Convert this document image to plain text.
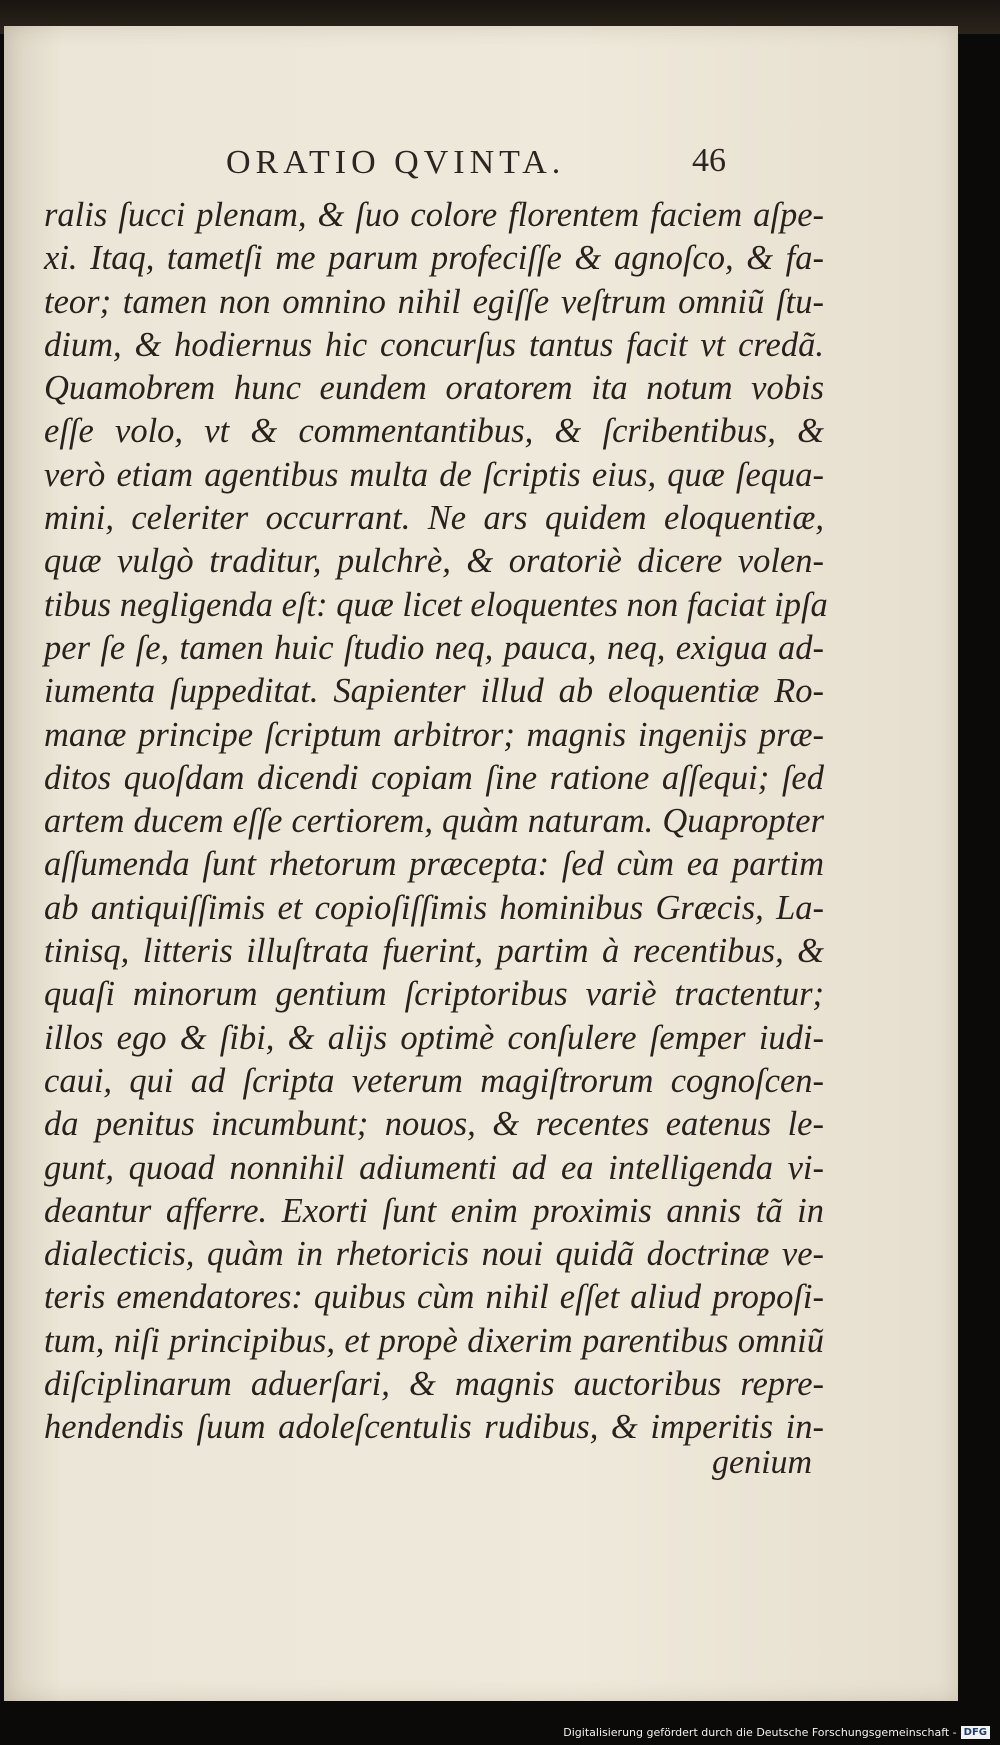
ORATIO QVINTA.	46
ralis ſucci plenam, & ſuo colore florentem faciem aſpe-
xi. Itaq, tametſi me parum profeciſſe & agnoſco, & fa-
teor; tamen non omnino nihil egiſſe veſtrum omniũ ſtu-
dium, & hodiernus hic concurſus tantus facit vt credã.
Quamobrem hunc eundem oratorem ita notum vobis
eſſe volo, vt & commentantibus, & ſcribentibus, &
verò etiam agentibus multa de ſcriptis eius, quæ ſequa-
mini, celeriter occurrant. Ne ars quidem eloquentiæ,
quæ vulgò traditur, pulchrè, & oratoriè dicere volen-
tibus negligenda eſt: quæ licet eloquentes non faciat ipſa
per ſe ſe, tamen huic ſtudio neq, pauca, neq, exigua ad-
iumenta ſuppeditat. Sapienter illud ab eloquentiæ Ro-
manæ principe ſcriptum arbitror; magnis ingenijs præ-
ditos quoſdam dicendi copiam ſine ratione aſſequi; ſed
artem ducem eſſe certiorem, quàm naturam. Quapropter
aſſumenda ſunt rhetorum præcepta: ſed cùm ea partim
ab antiquiſſimis et copioſiſſimis hominibus Græcis, La-
tinisq, litteris illuſtrata fuerint, partim à recentibus, &
quaſi minorum gentium ſcriptoribus variè tractentur;
illos ego & ſibi, & alijs optimè conſulere ſemper iudi-
caui, qui ad ſcripta veterum magiſtrorum cognoſcen-
da penitus incumbunt; nouos, & recentes eatenus le-
gunt, quoad nonnihil adiumenti ad ea intelligenda vi-
deantur afferre. Exorti ſunt enim proximis annis tã in
dialecticis, quàm in rhetoricis noui quidã doctrinæ ve-
teris emendatores: quibus cùm nihil eſſet aliud propoſi-
tum, niſi principibus, et propè dixerim parentibus omniũ
diſciplinarum aduerſari, & magnis auctoribus repre-
hendendis ſuum adoleſcentulis rudibus, & imperitis in-
genium
Digitalisierung gefördert durch die Deutsche Forschungsgemeinschaft - DFG
